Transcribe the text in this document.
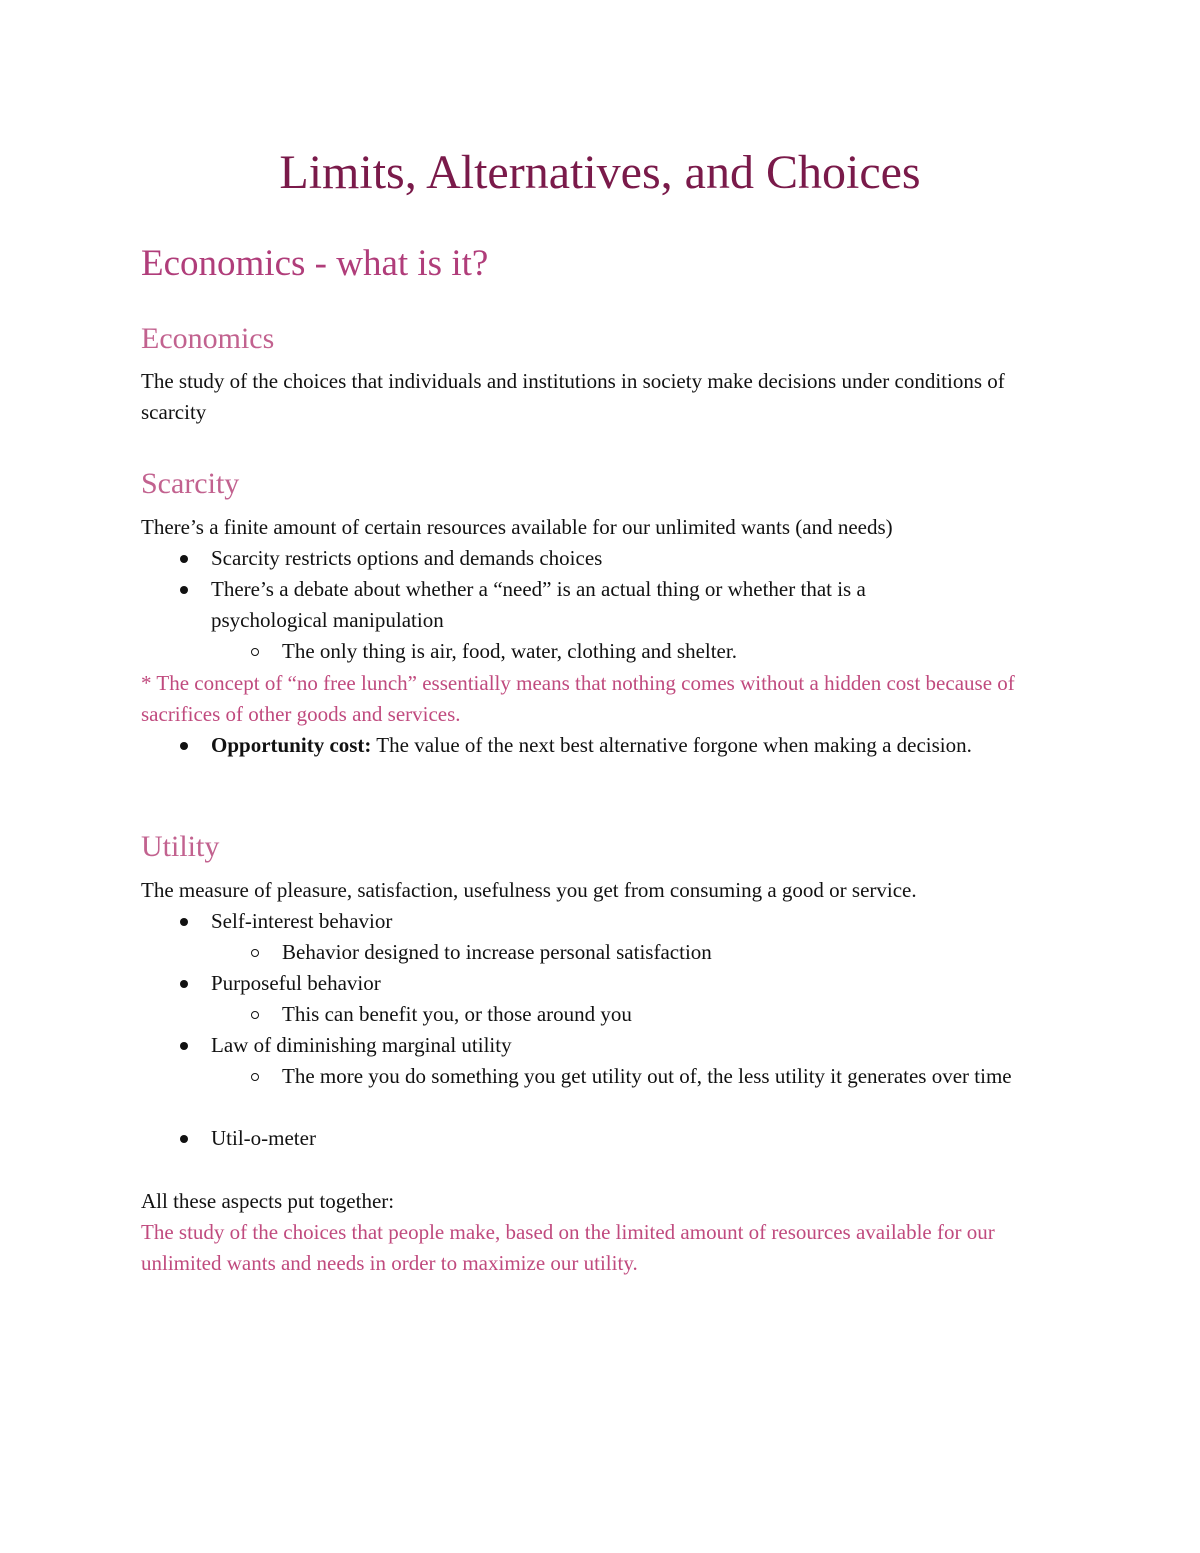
Limits, Alternatives, and Choices
Economics - what is it?
Economics

The study of the choices that individuals and institutions in society make decisions under conditions of scarcity

Scarcity

There’s a finite amount of certain resources available for our unlimited wants (and needs)

Scarcity restricts options and demands choices

There’s a debate about whether a “need” is an actual thing or whether that is a psychological manipulation

The only thing is air, food, water, clothing and shelter.

* The concept of “no free lunch” essentially means that nothing comes without a hidden cost because of sacrifices of other goods and services.

Opportunity cost: The value of the next best alternative forgone when making a decision.

Utility

The measure of pleasure, satisfaction, usefulness you get from consuming a good or service.

Self-interest behavior

Behavior designed to increase personal satisfaction

Purposeful behavior

This can benefit you, or those around you

Law of diminishing marginal utility

The more you do something you get utility out of, the less utility it generates over time

Util-o-meter

All these aspects put together:

The study of the choices that people make, based on the limited amount of resources available for our unlimited wants and needs in order to maximize our utility.
